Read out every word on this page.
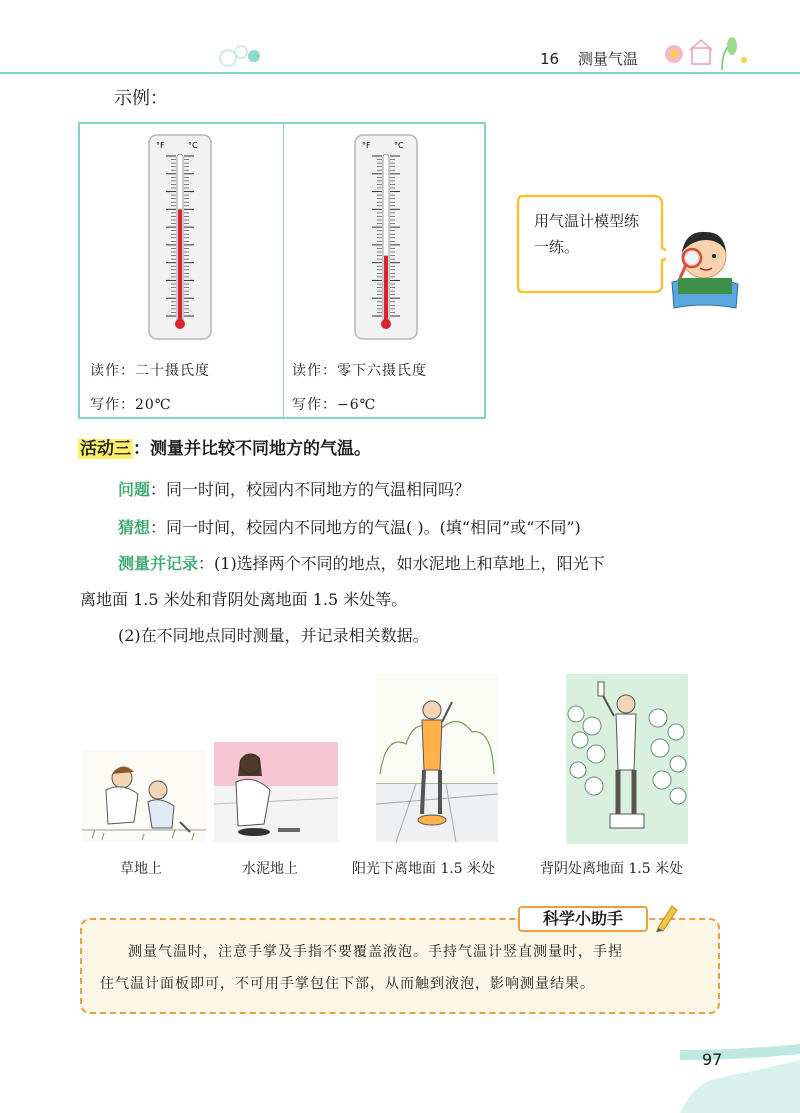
16 测量气温
示例：
°F	°C	°F	°C
读作：二十摄氏度
写作：20℃
读作：零下六摄氏度
写作：−6℃
用气温计模型练一练。
活动三 ：测量并比较不同地方的气温。
问题：同一时间，校园内不同地方的气温相同吗？
猜想：同一时间，校园内不同地方的气温( )。(填“相同”或“不同”)
测量并记录：(1)选择两个不同的地点，如水泥地上和草地上，阳光下
离地面 1.5 米处和背阴处离地面 1.5 米处等。
(2)在不同地点同时测量，并记录相关数据。
草地上	水泥地上	阳光下离地面 1.5 米处	背阴处离地面 1.5 米处
科学小助手
测量气温时，注意手掌及手指不要覆盖液泡。手持气温计竖直测量时，手捏
住气温计面板即可，不可用手掌包住下部，从而触到液泡，影响测量结果。
97
